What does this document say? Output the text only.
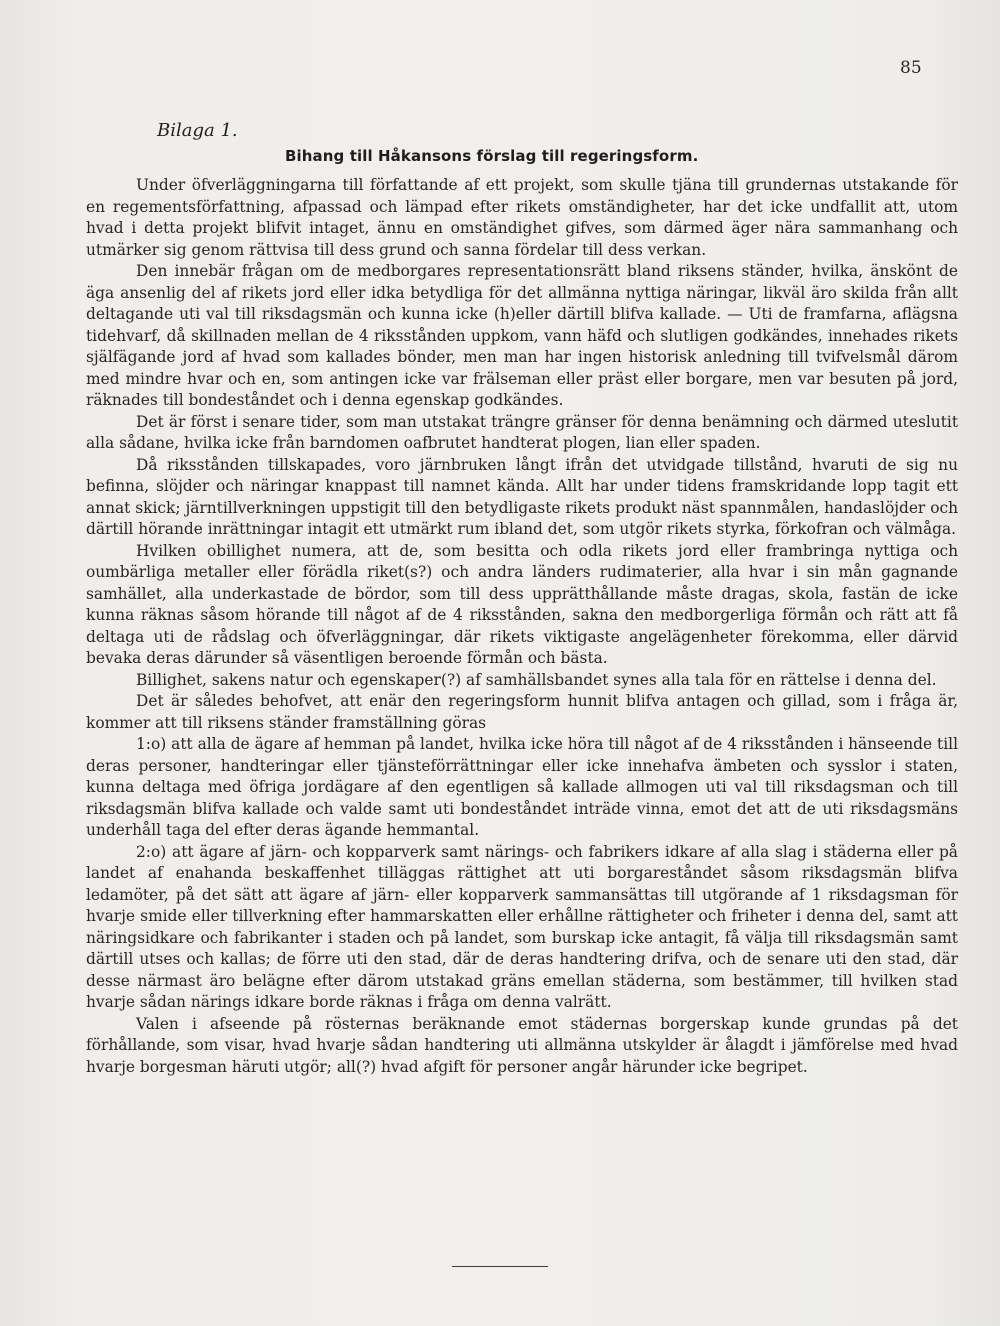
85
Bilaga 1.
Bihang till Håkansons förslag till regeringsform.

Under öfverläggningarna till författande af ett projekt, som skulle tjäna till grundernas utstakande för en regementsförfattning, afpassad och lämpad efter rikets omständigheter, har det icke undfallit att, utom hvad i detta projekt blifvit intaget, ännu en omständighet gifves, som därmed äger nära sammanhang och utmärker sig genom rättvisa till dess grund och sanna fördelar till dess verkan.

Den innebär frågan om de medborgares representationsrätt bland riksens ständer, hvilka, änskönt de äga ansenlig del af rikets jord eller idka betydliga för det allmänna nyttiga näringar, likväl äro skilda från allt deltagande uti val till riksdagsmän och kunna icke (h)eller därtill blifva kallade. — Uti de framfarna, aflägsna tidehvarf, då skillnaden mellan de 4 riksstånden uppkom, vann häfd och slutligen godkändes, innehades rikets själfägande jord af hvad som kallades bönder, men man har ingen historisk anledning till tvifvelsmål därom med mindre hvar och en, som antingen icke var frälseman eller präst eller borgare, men var besuten på jord, räknades till bondeståndet och i denna egenskap godkändes.

Det är först i senare tider, som man utstakat trängre gränser för denna benämning och därmed uteslutit alla sådane, hvilka icke från barndomen oafbrutet handterat plogen, lian eller spaden.

Då riksstånden tillskapades, voro järnbruken långt ifrån det utvidgade tillstånd, hvaruti de sig nu befinna, slöjder och näringar knappast till namnet kända. Allt har under tidens framskridande lopp tagit ett annat skick; järntillverkningen uppstigit till den betydligaste rikets produkt näst spannmålen, handaslöjder och därtill hörande inrättningar intagit ett utmärkt rum ibland det, som utgör rikets styrka, förkofran och välmåga.

Hvilken obillighet numera, att de, som besitta och odla rikets jord eller frambringa nyttiga och oumbärliga metaller eller förädla riket(s?) och andra länders rudimaterier, alla hvar i sin mån gagnande samhället, alla underkastade de bördor, som till dess upprätthållande måste dragas, skola, fastän de icke kunna räknas såsom hörande till något af de 4 riksstånden, sakna den medborgerliga förmån och rätt att få deltaga uti de rådslag och öfverläggningar, där rikets viktigaste angelägenheter förekomma, eller därvid bevaka deras därunder så väsentligen beroende förmån och bästa.

Billighet, sakens natur och egenskaper(?) af samhällsbandet synes alla tala för en rättelse i denna del.

Det är således behofvet, att enär den regeringsform hunnit blifva antagen och gillad, som i fråga är, kommer att till riksens ständer framställning göras

1:o) att alla de ägare af hemman på landet, hvilka icke höra till något af de 4 riksstånden i hänseende till deras personer, handteringar eller tjänsteförrättningar eller icke innehafva ämbeten och sysslor i staten, kunna deltaga med öfriga jordägare af den egentligen så kallade allmogen uti val till riksdagsman och till riksdagsmän blifva kallade och valde samt uti bondeståndet inträde vinna, emot det att de uti riksdagsmäns underhåll taga del efter deras ägande hemmantal.

2:o) att ägare af järn- och kopparverk samt närings- och fabrikers idkare af alla slag i städerna eller på landet af enahanda beskaffenhet tilläggas rättighet att uti borgareståndet såsom riksdagsmän blifva ledamöter, på det sätt att ägare af järn- eller kopparverk sammansättas till utgörande af 1 riksdagsman för hvarje smide eller tillverkning efter hammarskatten eller erhållne rättigheter och friheter i denna del, samt att näringsidkare och fabrikanter i staden och på landet, som burskap icke antagit, få välja till riksdagsmän samt därtill utses och kallas; de förre uti den stad, där de deras handtering drifva, och de senare uti den stad, där desse närmast äro belägne efter därom utstakad gräns emellan städerna, som bestämmer, till hvilken stad hvarje sådan närings idkare borde räknas i fråga om denna valrätt.

Valen i afseende på rösternas beräknande emot städernas borgerskap kunde grundas på det förhållande, som visar, hvad hvarje sådan handtering uti allmänna utskylder är ålagdt i jämförelse med hvad hvarje borgesman häruti utgör; all(?) hvad afgift för personer angår härunder icke begripet.
